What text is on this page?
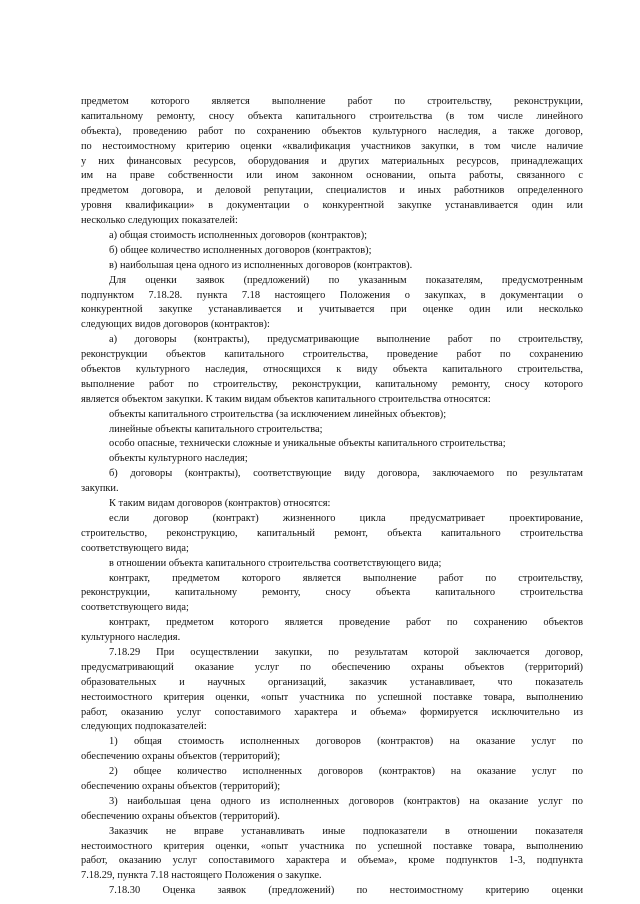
предметом которого является выполнение работ по строительству, реконструкции,
капитальному ремонту, сносу объекта капитального строительства (в том числе линейного
объекта), проведению работ по сохранению объектов культурного наследия, а также договор,
по нестоимостному критерию оценки «квалификация участников закупки, в том числе наличие
у них финансовых ресурсов, оборудования и других материальных ресурсов, принадлежащих
им на праве собственности или ином законном основании, опыта работы, связанного с
предметом договора, и деловой репутации, специалистов и иных работников определенного
уровня квалификации» в документации о конкурентной закупке устанавливается один или
несколько следующих показателей:
а) общая стоимость исполненных договоров (контрактов);
б) общее количество исполненных договоров (контрактов);
в) наибольшая цена одного из исполненных договоров (контрактов).
Для оценки заявок (предложений) по указанным показателям, предусмотренным
подпунктом 7.18.28. пункта 7.18 настоящего Положения о закупках, в документации о
конкурентной закупке устанавливается и учитывается при оценке один или несколько
следующих видов договоров (контрактов):
а) договоры (контракты), предусматривающие выполнение работ по строительству,
реконструкции объектов капитального строительства, проведение работ по сохранению
объектов культурного наследия, относящихся к виду объекта капитального строительства,
выполнение работ по строительству, реконструкции, капитальному ремонту, сносу которого
является объектом закупки. К таким видам объектов капитального строительства относятся:
объекты капитального строительства (за исключением линейных объектов);
линейные объекты капитального строительства;
особо опасные, технически сложные и уникальные объекты капитального строительства;
объекты культурного наследия;
б) договоры (контракты), соответствующие виду договора, заключаемого по результатам
закупки.
К таким видам договоров (контрактов) относятся:
если договор (контракт) жизненного цикла предусматривает проектирование,
строительство, реконструкцию, капитальный ремонт, объекта капитального строительства
соответствующего вида;
в отношении объекта капитального строительства соответствующего вида;
контракт, предметом которого является выполнение работ по строительству,
реконструкции, капитальному ремонту, сносу объекта капитального строительства
соответствующего вида;
контракт, предметом которого является проведение работ по сохранению объектов
культурного наследия.
7.18.29 При осуществлении закупки, по результатам которой заключается договор,
предусматривающий оказание услуг по обеспечению охраны объектов (территорий)
образовательных и научных организаций, заказчик устанавливает, что показатель
нестоимостного критерия оценки, «опыт участника по успешной поставке товара, выполнению
работ, оказанию услуг сопоставимого характера и объема» формируется исключительно из
следующих подпоказателей:
1) общая стоимость исполненных договоров (контрактов) на оказание услуг по
обеспечению охраны объектов (территорий);
2) общее количество исполненных договоров (контрактов) на оказание услуг по
обеспечению охраны объектов (территорий);
3) наибольшая цена одного из исполненных договоров (контрактов) на оказание услуг по
обеспечению охраны объектов (территорий).
Заказчик не вправе устанавливать иные подпоказатели в отношении показателя
нестоимостного критерия оценки, «опыт участника по успешной поставке товара, выполнению
работ, оказанию услуг сопоставимого характера и объема», кроме подпунктов 1-3, подпункта
7.18.29, пункта 7.18 настоящего Положения о закупке.
7.18.30 Оценка заявок (предложений) по нестоимостному критерию оценки
